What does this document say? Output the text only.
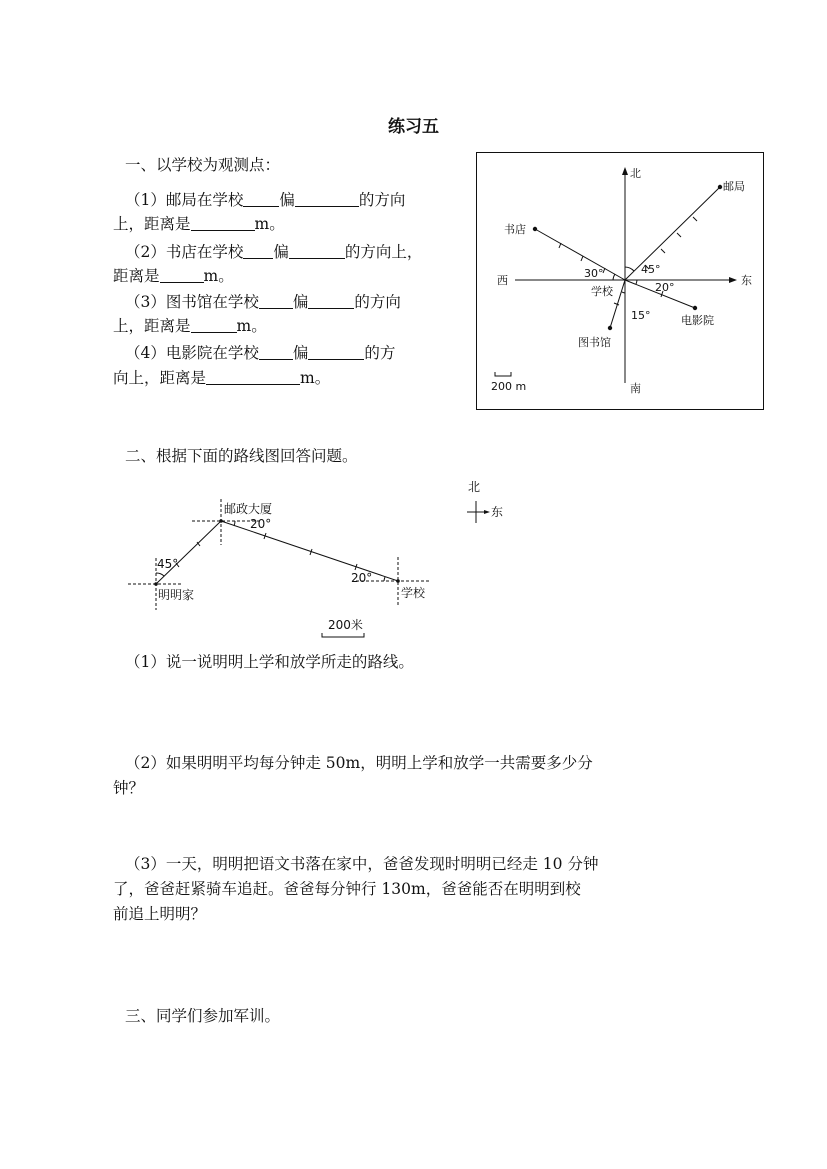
练习五
一、以学校为观测点：
（1）邮局在学校 偏	的方向
上，距离是	m。
（2）书店在学校 偏	的方向上，
距离是	m。
（3）图书馆在学校 偏	的方向
上，距离是	m。
（4）电影院在学校 偏	的方
向上，距离是	m。
北
南
东
西
学校
邮局
书店
图书馆
电影院
45°
30°
20°
15°
200 m
二、根据下面的路线图回答问题。
北
东
明明家
邮政大厦
学校
45°
20°
20°
200米
（1）说一说明明上学和放学所走的路线。
（2）如果明明平均每分钟走 50m，明明上学和放学一共需要多少分
钟？
（3）一天，明明把语文书落在家中，爸爸发现时明明已经走 10 分钟
了，爸爸赶紧骑车追赶。爸爸每分钟行 130m，爸爸能否在明明到校
前追上明明？
三、同学们参加军训。
